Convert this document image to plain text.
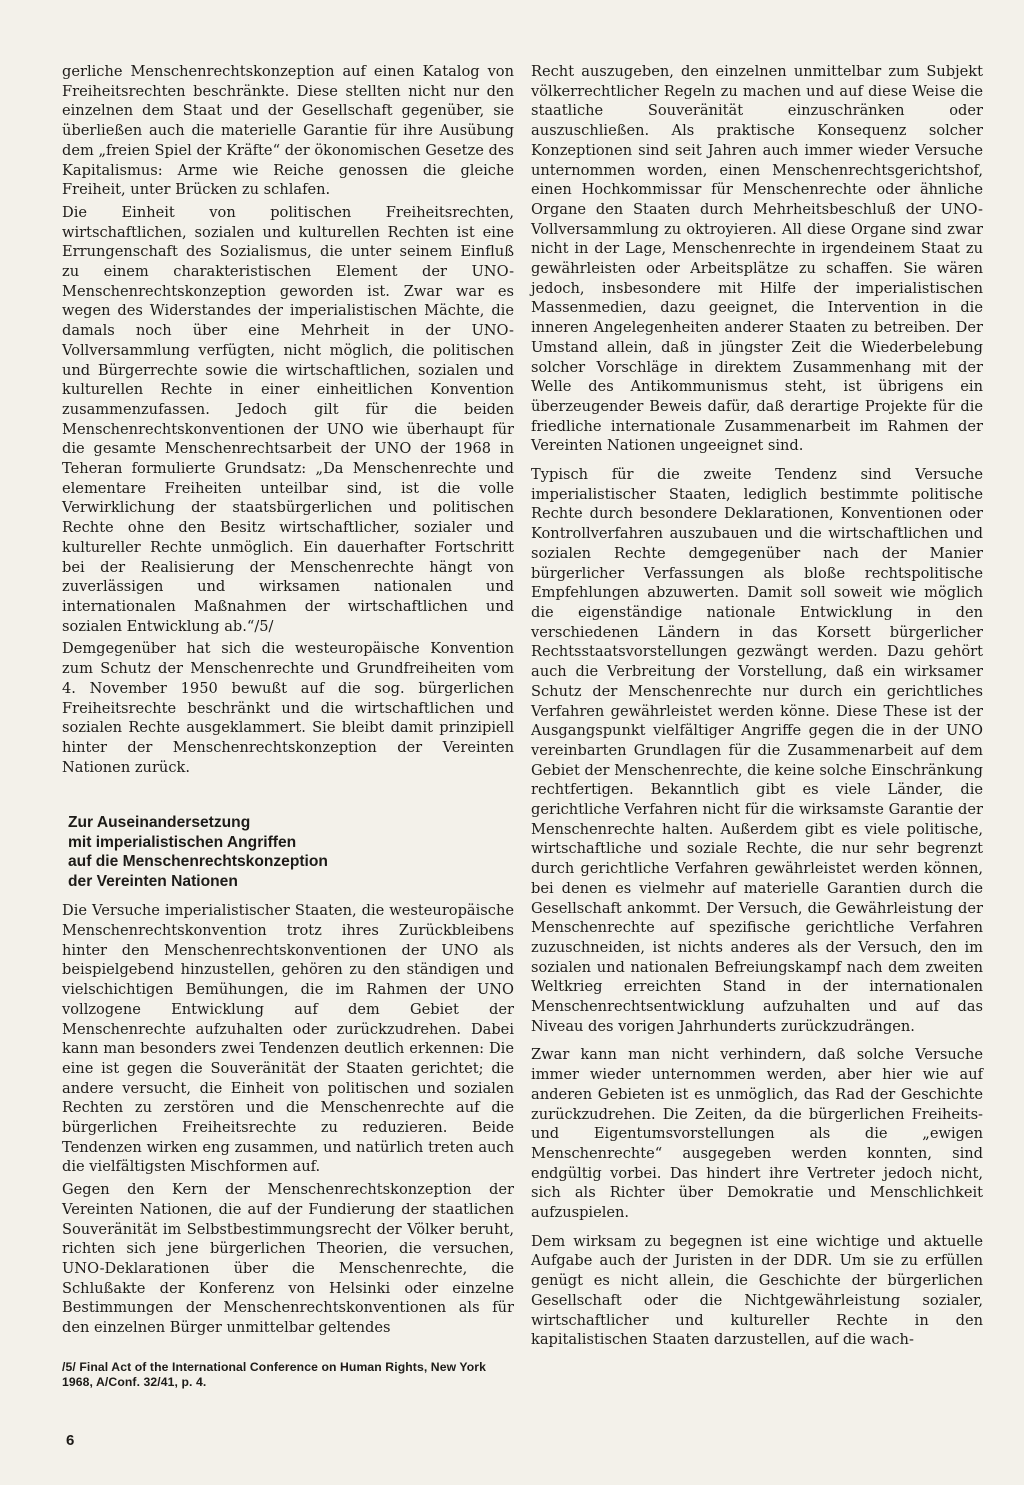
gerliche Menschenrechtskonzeption auf einen Katalog von Freiheitsrechten beschränkte. Diese stellten nicht nur den einzelnen dem Staat und der Gesellschaft gegenüber, sie überließen auch die materielle Garantie für ihre Ausübung dem „freien Spiel der Kräfte“ der ökonomischen Gesetze des Kapitalismus: Arme wie Reiche genossen die gleiche Freiheit, unter Brücken zu schlafen.

Die Einheit von politischen Freiheitsrechten, wirtschaftlichen, sozialen und kulturellen Rechten ist eine Errungenschaft des Sozialismus, die unter seinem Einfluß zu einem charakteristischen Element der UNO-Menschenrechtskonzeption geworden ist. Zwar war es wegen des Widerstandes der imperialistischen Mächte, die damals noch über eine Mehrheit in der UNO-Vollversammlung verfügten, nicht möglich, die politischen und Bürgerrechte sowie die wirtschaftlichen, sozialen und kulturellen Rechte in einer einheitlichen Konvention zusammenzufassen. Jedoch gilt für die beiden Menschenrechtskonventionen der UNO wie überhaupt für die gesamte Menschenrechtsarbeit der UNO der 1968 in Teheran formulierte Grundsatz: „Da Menschenrechte und elementare Freiheiten unteilbar sind, ist die volle Verwirklichung der staatsbürgerlichen und politischen Rechte ohne den Besitz wirtschaftlicher, sozialer und kultureller Rechte unmöglich. Ein dauerhafter Fortschritt bei der Realisierung der Menschenrechte hängt von zuverlässigen und wirksamen nationalen und internationalen Maßnahmen der wirtschaftlichen und sozialen Entwicklung ab.“/5/

Demgegenüber hat sich die westeuropäische Konvention zum Schutz der Menschenrechte und Grundfreiheiten vom 4. November 1950 bewußt auf die sog. bürgerlichen Freiheitsrechte beschränkt und die wirtschaftlichen und sozialen Rechte ausgeklammert. Sie bleibt damit prinzipiell hinter der Menschenrechtskonzeption der Vereinten Nationen zurück.

Zur Auseinandersetzung
mit imperialistischen Angriffen
auf die Menschenrechtskonzeption
der Vereinten Nationen

Die Versuche imperialistischer Staaten, die westeuropäische Menschenrechtskonvention trotz ihres Zurückbleibens hinter den Menschenrechtskonventionen der UNO als beispielgebend hinzustellen, gehören zu den ständigen und vielschichtigen Bemühungen, die im Rahmen der UNO vollzogene Entwicklung auf dem Gebiet der Menschenrechte aufzuhalten oder zurückzudrehen. Dabei kann man besonders zwei Tendenzen deutlich erkennen: Die eine ist gegen die Souveränität der Staaten gerichtet; die andere versucht, die Einheit von politischen und sozialen Rechten zu zerstören und die Menschenrechte auf die bürgerlichen Freiheitsrechte zu reduzieren. Beide Tendenzen wirken eng zusammen, und natürlich treten auch die vielfältigsten Mischformen auf.

Gegen den Kern der Menschenrechtskonzeption der Vereinten Nationen, die auf der Fundierung der staatlichen Souveränität im Selbstbestimmungsrecht der Völker beruht, richten sich jene bürgerlichen Theorien, die versuchen, UNO-Deklarationen über die Menschenrechte, die Schlußakte der Konferenz von Helsinki oder einzelne Bestimmungen der Menschenrechtskonventionen als für den einzelnen Bürger unmittelbar geltendes

/5/ Final Act of the International Conference on Human Rights, New York 1968, A/Conf. 32/41, p. 4.

Recht auszugeben, den einzelnen unmittelbar zum Subjekt völkerrechtlicher Regeln zu machen und auf diese Weise die staatliche Souveränität einzuschränken oder auszuschließen. Als praktische Konsequenz solcher Konzeptionen sind seit Jahren auch immer wieder Versuche unternommen worden, einen Menschenrechtsgerichtshof, einen Hochkommissar für Menschenrechte oder ähnliche Organe den Staaten durch Mehrheitsbeschluß der UNO-Vollversammlung zu oktroyieren. All diese Organe sind zwar nicht in der Lage, Menschenrechte in irgendeinem Staat zu gewährleisten oder Arbeitsplätze zu schaffen. Sie wären jedoch, insbesondere mit Hilfe der imperialistischen Massenmedien, dazu geeignet, die Intervention in die inneren Angelegenheiten anderer Staaten zu betreiben. Der Umstand allein, daß in jüngster Zeit die Wiederbelebung solcher Vorschläge in direktem Zusammenhang mit der Welle des Antikommunismus steht, ist übrigens ein überzeugender Beweis dafür, daß derartige Projekte für die friedliche internationale Zusammenarbeit im Rahmen der Vereinten Nationen ungeeignet sind.

Typisch für die zweite Tendenz sind Versuche imperialistischer Staaten, lediglich bestimmte politische Rechte durch besondere Deklarationen, Konventionen oder Kontrollverfahren auszubauen und die wirtschaftlichen und sozialen Rechte demgegenüber nach der Manier bürgerlicher Verfassungen als bloße rechtspolitische Empfehlungen abzuwerten. Damit soll soweit wie möglich die eigenständige nationale Entwicklung in den verschiedenen Ländern in das Korsett bürgerlicher Rechtsstaatsvorstellungen gezwängt werden. Dazu gehört auch die Verbreitung der Vorstellung, daß ein wirksamer Schutz der Menschenrechte nur durch ein gerichtliches Verfahren gewährleistet werden könne. Diese These ist der Ausgangspunkt vielfältiger Angriffe gegen die in der UNO vereinbarten Grundlagen für die Zusammenarbeit auf dem Gebiet der Menschenrechte, die keine solche Einschränkung rechtfertigen. Bekanntlich gibt es viele Länder, die gerichtliche Verfahren nicht für die wirksamste Garantie der Menschenrechte halten. Außerdem gibt es viele politische, wirtschaftliche und soziale Rechte, die nur sehr begrenzt durch gerichtliche Verfahren gewährleistet werden können, bei denen es vielmehr auf materielle Garantien durch die Gesellschaft ankommt. Der Versuch, die Gewährleistung der Menschenrechte auf spezifische gerichtliche Verfahren zuzuschneiden, ist nichts anderes als der Versuch, den im sozialen und nationalen Befreiungskampf nach dem zweiten Weltkrieg erreichten Stand in der internationalen Menschenrechtsentwicklung aufzuhalten und auf das Niveau des vorigen Jahrhunderts zurückzudrängen.

Zwar kann man nicht verhindern, daß solche Versuche immer wieder unternommen werden, aber hier wie auf anderen Gebieten ist es unmöglich, das Rad der Geschichte zurückzudrehen. Die Zeiten, da die bürgerlichen Freiheits- und Eigentumsvorstellungen als die „ewigen Menschenrechte“ ausgegeben werden konnten, sind endgültig vorbei. Das hindert ihre Vertreter jedoch nicht, sich als Richter über Demokratie und Menschlichkeit aufzuspielen.

Dem wirksam zu begegnen ist eine wichtige und aktuelle Aufgabe auch der Juristen in der DDR. Um sie zu erfüllen genügt es nicht allein, die Geschichte der bürgerlichen Gesellschaft oder die Nichtgewährleistung sozialer, wirtschaftlicher und kultureller Rechte in den kapitalistischen Staaten darzustellen, auf die wach-

6
